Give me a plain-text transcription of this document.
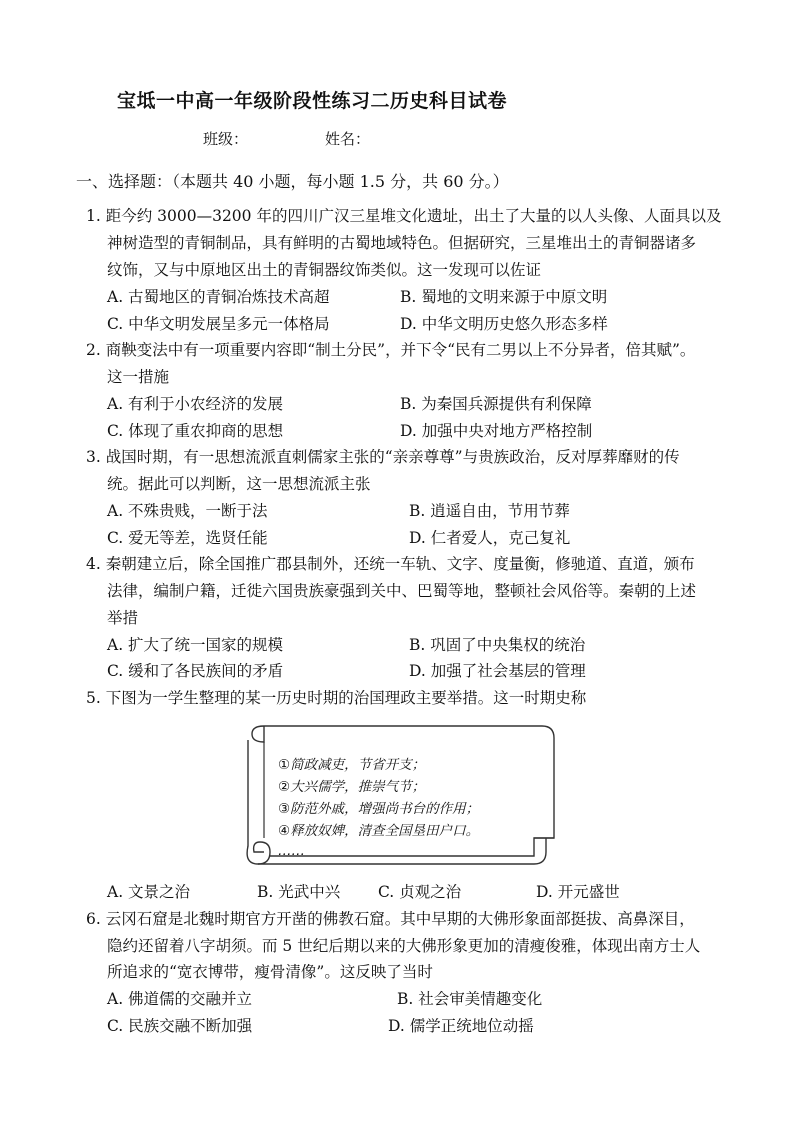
宝坻一中高一年级阶段性练习二历史科目试卷
班级：	姓名：
一、选择题：（本题共 40 小题，每小题 1.5 分，共 60 分。）
1. 距今约 3000—3200 年的四川广汉三星堆文化遗址，出土了大量的以人头像、人面具以及
神树造型的青铜制品，具有鲜明的古蜀地域特色。但据研究，三星堆出土的青铜器诸多
纹饰，又与中原地区出土的青铜器纹饰类似。这一发现可以佐证
A. 古蜀地区的青铜冶炼技术高超	B. 蜀地的文明来源于中原文明
C. 中华文明发展呈多元一体格局	D. 中华文明历史悠久形态多样
2. 商鞅变法中有一项重要内容即“制土分民”，并下令“民有二男以上不分异者，倍其赋”。
这一措施
A. 有利于小农经济的发展	B. 为秦国兵源提供有利保障
C. 体现了重农抑商的思想	D. 加强中央对地方严格控制
3. 战国时期，有一思想流派直刺儒家主张的“亲亲尊尊”与贵族政治，反对厚葬靡财的传
统。据此可以判断，这一思想流派主张
A. 不殊贵贱，一断于法	B. 逍遥自由，节用节葬
C. 爱无等差，选贤任能	D. 仁者爱人，克己复礼
4. 秦朝建立后，除全国推广郡县制外，还统一车轨、文字、度量衡，修驰道、直道，颁布
法律，编制户籍，迁徙六国贵族豪强到关中、巴蜀等地，整顿社会风俗等。秦朝的上述
举措
A. 扩大了统一国家的规模	B. 巩固了中央集权的统治
C. 缓和了各民族间的矛盾	D. 加强了社会基层的管理
5. 下图为一学生整理的某一历史时期的治国理政主要举措。这一时期史称
①简政减吏，节省开支；
②大兴儒学，推崇气节；
③防范外戚，增强尚书台的作用；
④释放奴婢，清查全国垦田户口。
……
A. 文景之治	B. 光武中兴 C. 贞观之治	D. 开元盛世
6. 云冈石窟是北魏时期官方开凿的佛教石窟。其中早期的大佛形象面部挺拔、高鼻深目，
隐约还留着八字胡须。而 5 世纪后期以来的大佛形象更加的清瘦俊雅，体现出南方士人
所追求的“宽衣博带，瘦骨清像”。这反映了当时
A. 佛道儒的交融并立	B. 社会审美情趣变化
C. 民族交融不断加强	D. 儒学正统地位动摇
